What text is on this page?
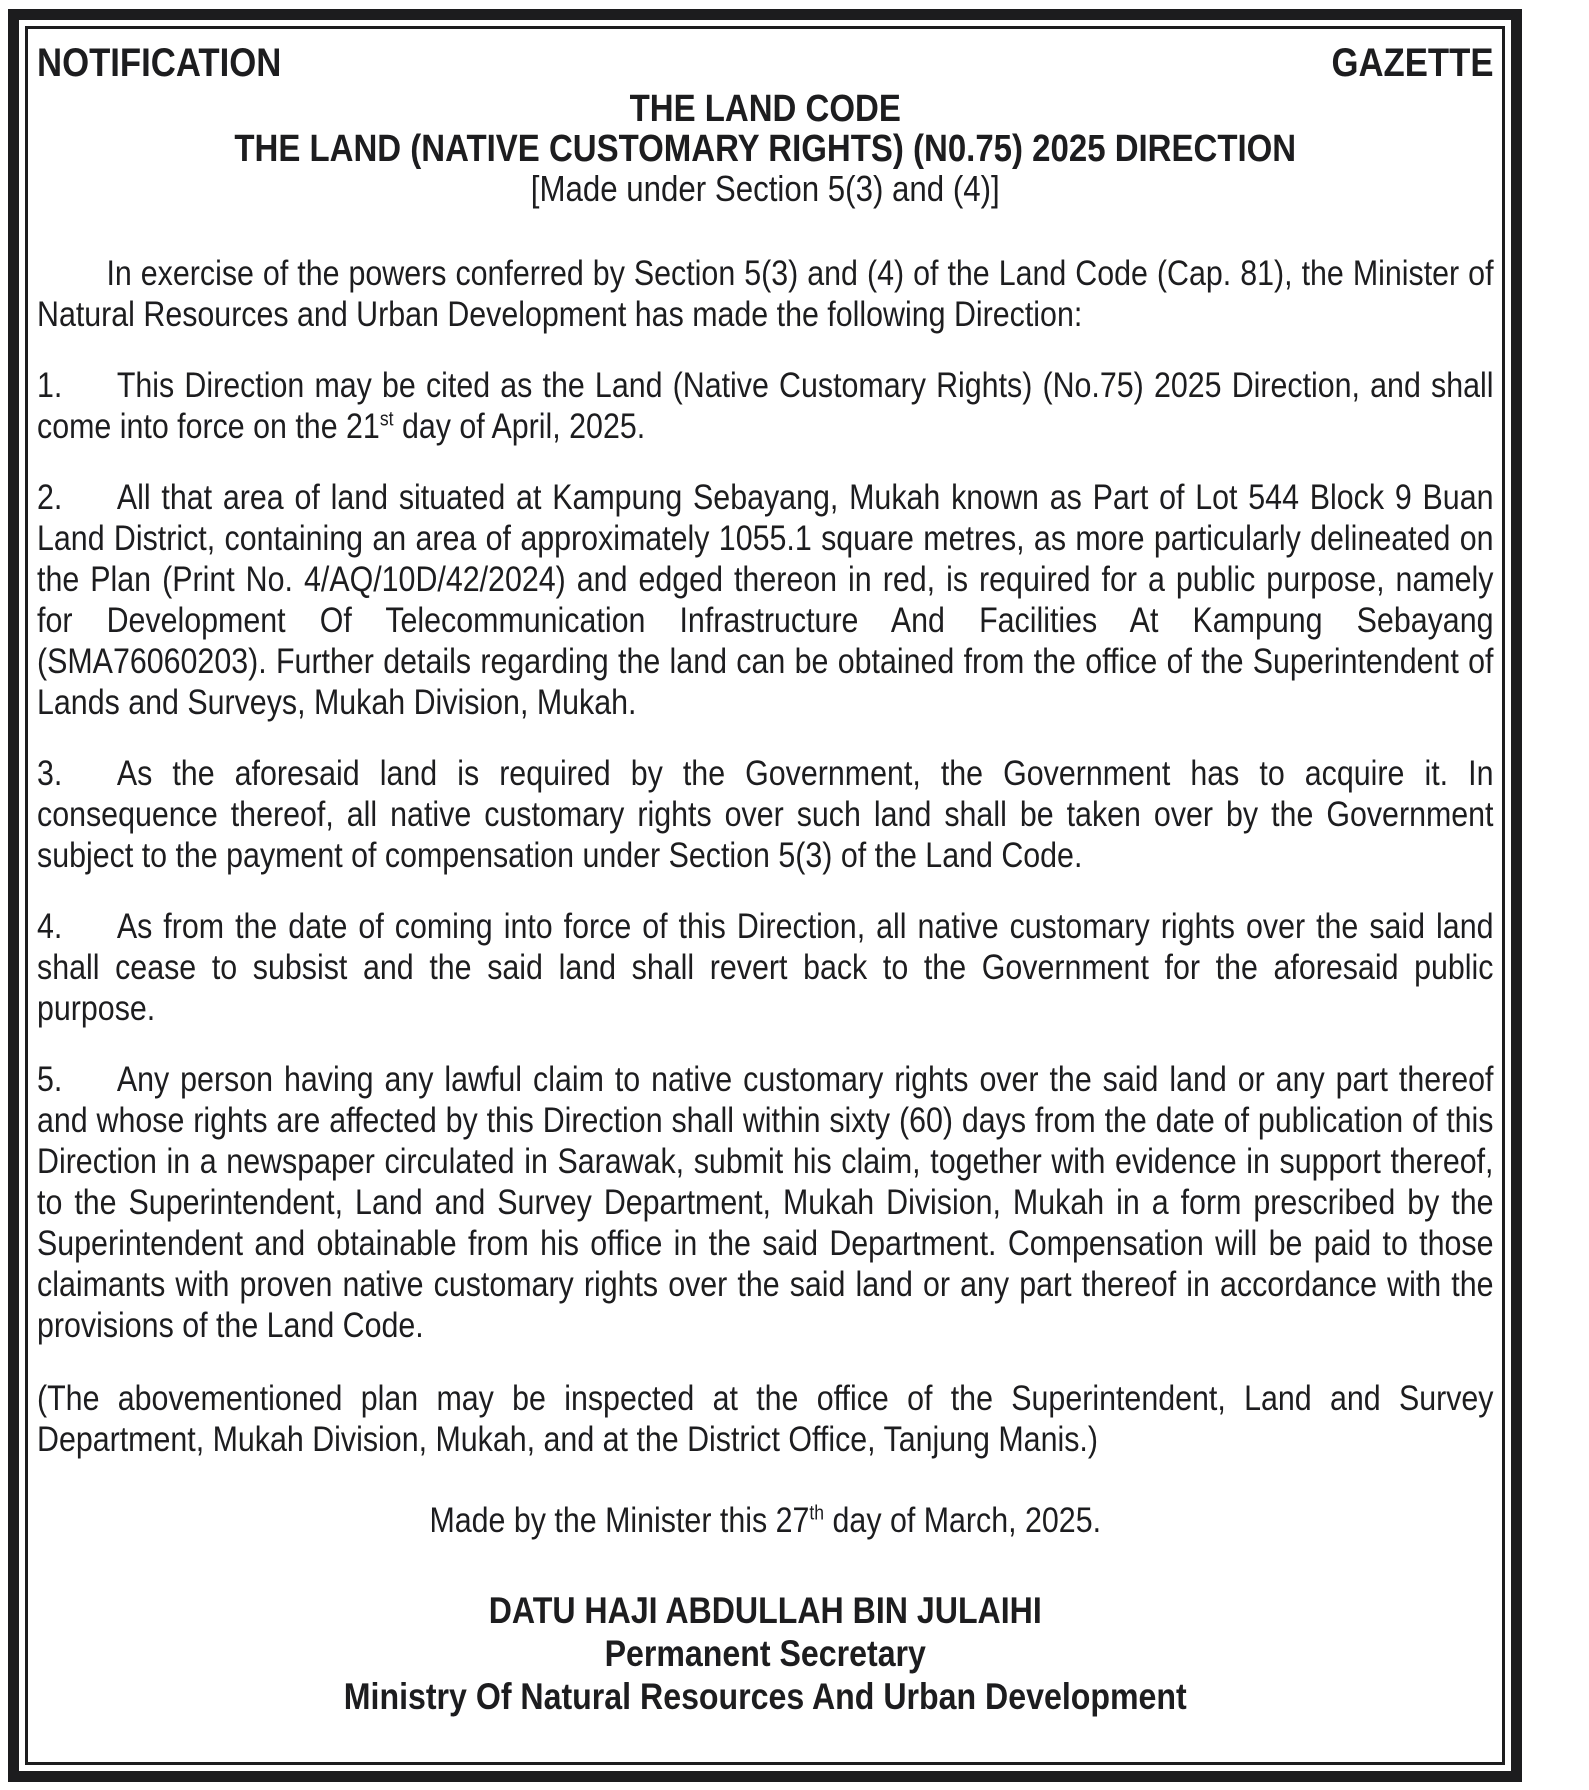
NOTIFICATION	GAZETTE
THE LAND CODE
THE LAND (NATIVE CUSTOMARY RIGHTS) (N0.75) 2025 DIRECTION
[Made under Section 5(3) and (4)]

In exercise of the powers conferred by Section 5(3) and (4) of the Land Code (Cap. 81), the Minister of Natural Resources and Urban Development has made the following Direction:

1. This Direction may be cited as the Land (Native Customary Rights) (No.75) 2025 Direction, and shall come into force on the 21st day of April, 2025.

2. All that area of land situated at Kampung Sebayang, Mukah known as Part of Lot 544 Block 9 Buan Land District, containing an area of approximately 1055.1 square metres, as more particularly delineated on the Plan (Print No. 4/AQ/10D/42/2024) and edged thereon in red, is required for a public purpose, namely for Development Of Telecommunication Infrastructure And Facilities At Kampung Sebayang (SMA76060203). Further details regarding the land can be obtained from the office of the Superintendent of Lands and Surveys, Mukah Division, Mukah.

3. As the aforesaid land is required by the Government, the Government has to acquire it. In consequence thereof, all native customary rights over such land shall be taken over by the Government subject to the payment of compensation under Section 5(3) of the Land Code.

4. As from the date of coming into force of this Direction, all native customary rights over the said land shall cease to subsist and the said land shall revert back to the Government for the aforesaid public purpose.

5. Any person having any lawful claim to native customary rights over the said land or any part thereof and whose rights are affected by this Direction shall within sixty (60) days from the date of publication of this Direction in a newspaper circulated in Sarawak, submit his claim, together with evidence in support thereof, to the Superintendent, Land and Survey Department, Mukah Division, Mukah in a form prescribed by the Superintendent and obtainable from his office in the said Department. Compensation will be paid to those claimants with proven native customary rights over the said land or any part thereof in accordance with the provisions of the Land Code.

(The abovementioned plan may be inspected at the office of the Superintendent, Land and Survey Department, Mukah Division, Mukah, and at the District Office, Tanjung Manis.)

Made by the Minister this 27th day of March, 2025.

DATU HAJI ABDULLAH BIN JULAIHI
Permanent Secretary
Ministry Of Natural Resources And Urban Development
